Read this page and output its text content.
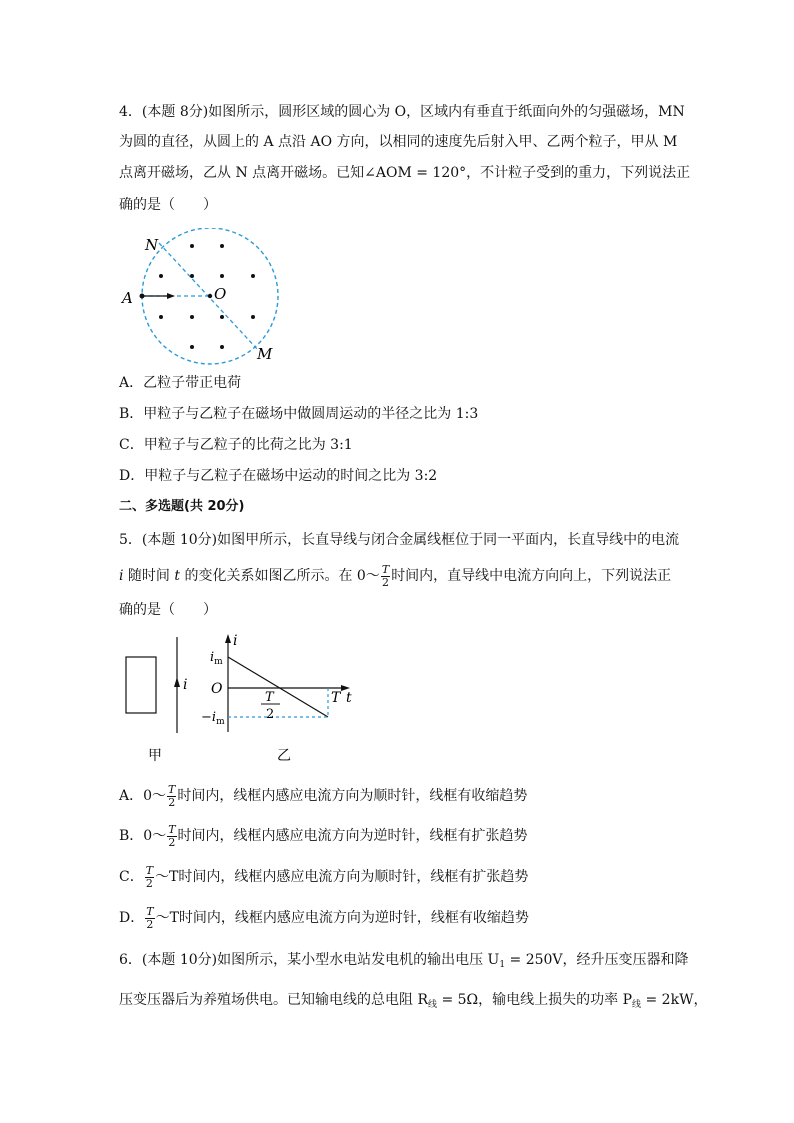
4．(本题 8分)如图所示，圆形区域的圆心为 O，区域内有垂直于纸面向外的匀强磁场，MN
为圆的直径，从圆上的 A 点沿 AO 方向，以相同的速度先后射入甲、乙两个粒子，甲从 M
点离开磁场，乙从 N 点离开磁场。已知∠AOM = 120°，不计粒子受到的重力，下列说法正
确的是（　　）
N
O
A
M
A．乙粒子带正电荷
B．甲粒子与乙粒子在磁场中做圆周运动的半径之比为 1:3
C．甲粒子与乙粒子的比荷之比为 3:1
D．甲粒子与乙粒子在磁场中运动的时间之比为 3:2
二、多选题(共 20分)
5．(本题 10分)如图甲所示，长直导线与闭合金属线框位于同一平面内，长直导线中的电流
i 随时间 t 的变化关系如图乙所示。在 0～ $\frac{T}{2}$ 时间内，直导线中电流方向向上，下列说法正
确的是（　　）
i
甲
i
$i_m$
O
$-i_m$
T
2
T t
乙
A．0～ $\frac{T}{2}$ 时间内，线框内感应电流方向为顺时针，线框有收缩趋势
B．0～ $\frac{T}{2}$ 时间内，线框内感应电流方向为逆时针，线框有扩张趋势
C． $\frac{T}{2}$ ～T时间内，线框内感应电流方向为顺时针，线框有扩张趋势
D． $\frac{T}{2}$ ～T时间内，线框内感应电流方向为逆时针，线框有收缩趋势
6．(本题 10分)如图所示，某小型水电站发电机的输出电压 $U_1 = 250V$，经升压变压器和降
压变压器后为养殖场供电。已知输电线的总电阻 $R_线 = 5\Omega$，输电线上损失的功率 $P_线 = 2kW$，
